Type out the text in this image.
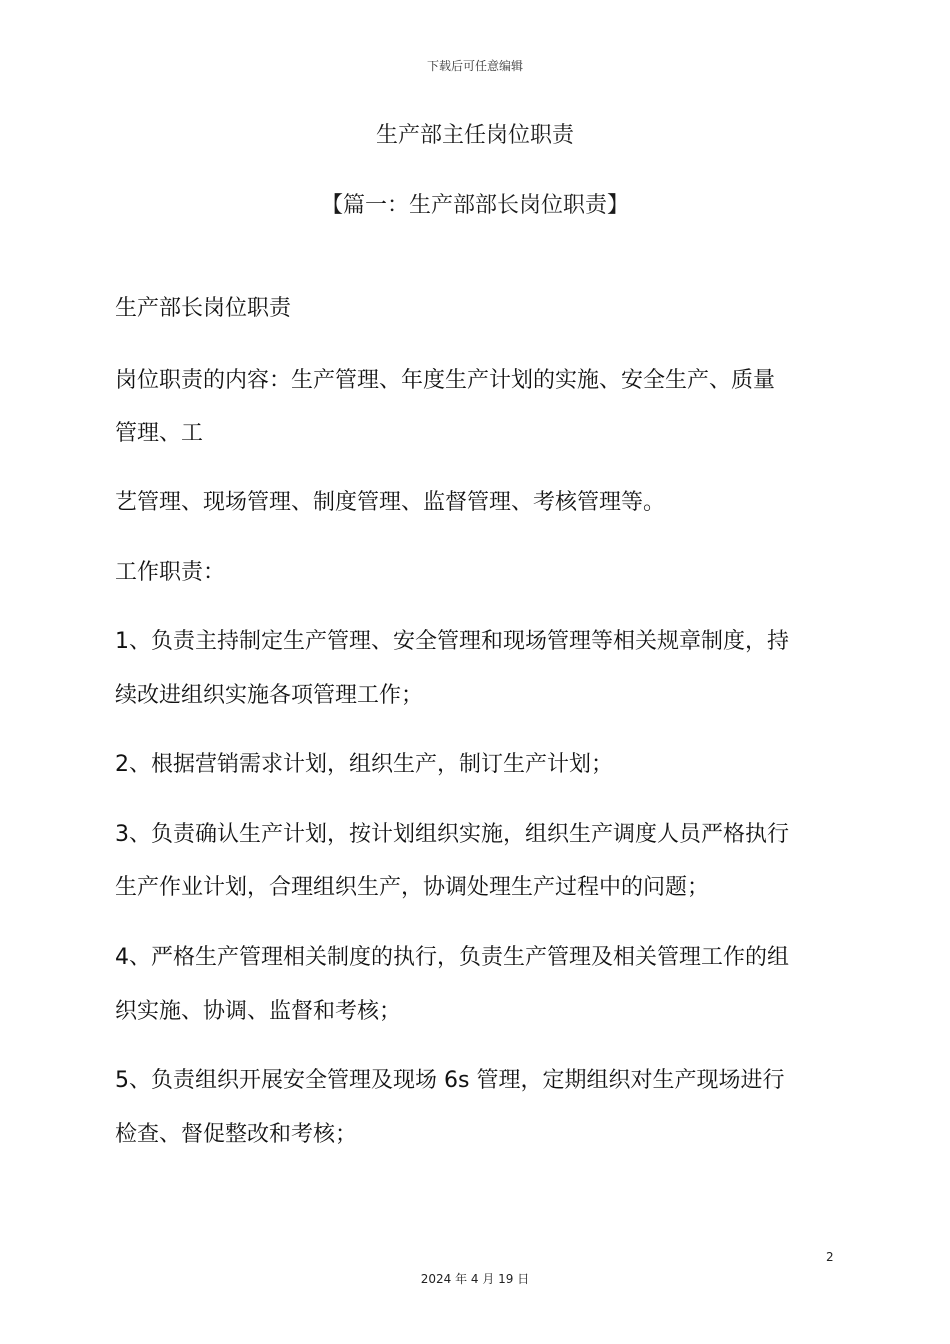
下载后可任意编辑
生产部主任岗位职责
【篇一：生产部部长岗位职责】
生产部长岗位职责
岗位职责的内容：生产管理、年度生产计划的实施、安全生产、质量
管理、工
艺管理、现场管理、制度管理、监督管理、考核管理等。
工作职责：
1、负责主持制定生产管理、安全管理和现场管理等相关规章制度，持
续改进组织实施各项管理工作；
2、根据营销需求计划，组织生产，制订生产计划；
3、负责确认生产计划，按计划组织实施，组织生产调度人员严格执行
生产作业计划，合理组织生产，协调处理生产过程中的问题；
4、严格生产管理相关制度的执行，负责生产管理及相关管理工作的组
织实施、协调、监督和考核；
5、负责组织开展安全管理及现场 6s 管理，定期组织对生产现场进行
检查、督促整改和考核；
2
2024 年 4 月 19 日
